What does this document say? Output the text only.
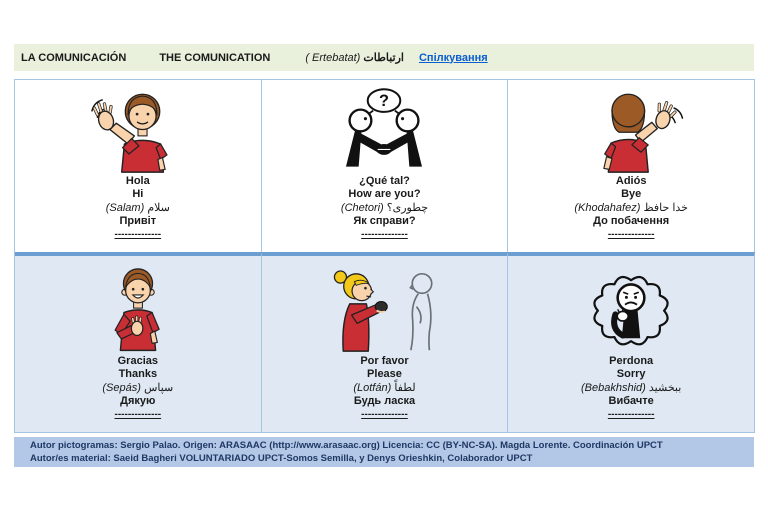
LA COMUNICACIÓN	THE COMUNICATION	( Ertebatat) ارتباطات Спілкування
Hola
Hi
(Salam) سلام
Привіт
--------------
?
¿Qué tal?
How are you?
(Chetori) چطوری؟
Як справи?
--------------
Adiós
Bye
(Khodahafez) خدا حافظ
До побачення
--------------
Gracias
Thanks
(Sepás) سپاس
Дякую
--------------
Por favor
Please
(Lotfán) لطفاً
Будь ласка
--------------
Perdona
Sorry
(Bebakhshid) ببخشید
Вибачте
--------------
Autor pictogramas: Sergio Palao. Origen: ARASAAC (http://www.arasaac.org) Licencia: CC (BY-NC-SA). Magda Lorente. Coordinación UPCT
Autor/es material: Saeid Bagheri VOLUNTARIADO UPCT-Somos Semilla, y Denys Orieshkin, Colaborador UPCT
